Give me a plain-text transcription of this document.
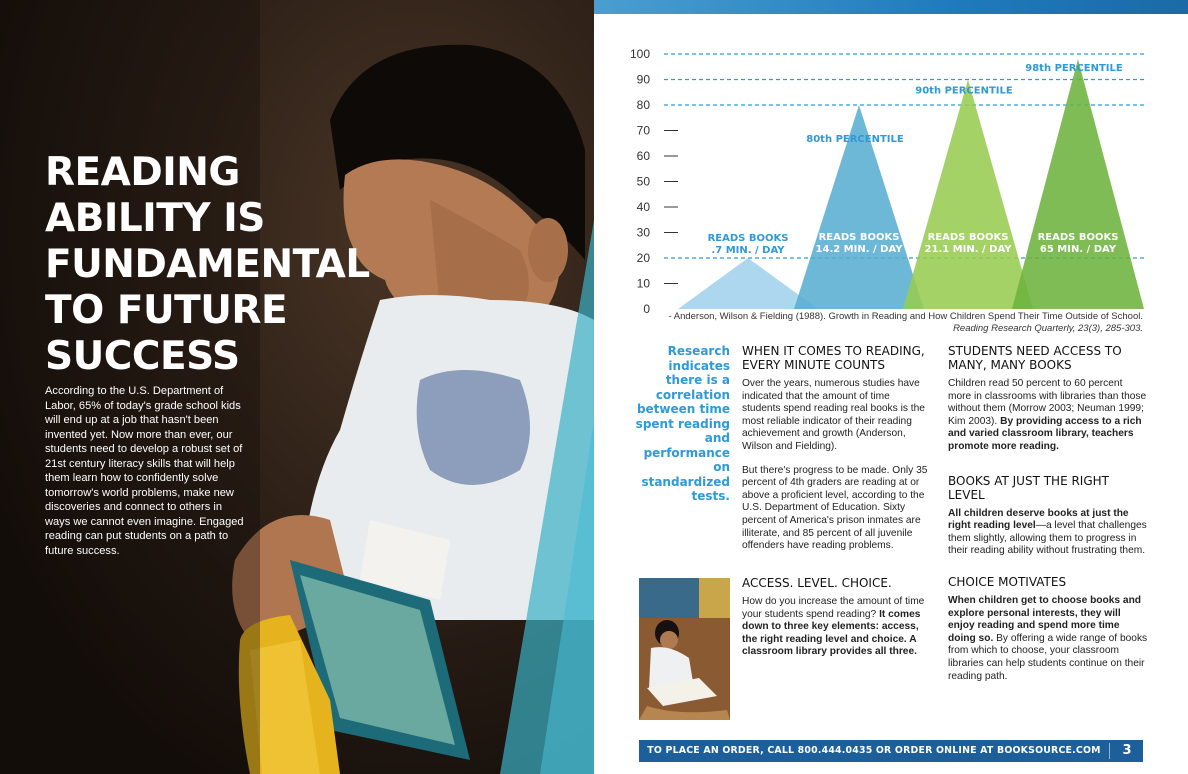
READING
ABILITY IS
FUNDAMENTAL
TO FUTURE
SUCCESS

According to the U.S. Department of Labor, 65% of today's grade school kids will end up at a job that hasn't been invented yet. Now more than ever, our students need to develop a robust set of 21st century literacy skills that will help them learn how to confidently solve tomorrow's world problems, make new discoveries and connect to others in ways we cannot even imagine. Engaged reading can put students on a path to future success.

100
90
80
70
60
50
40
30
20
10
0
READS BOOKS
.7 MIN. / DAY
READS BOOKS
14.2 MIN. / DAY
80th PERCENTILE
READS BOOKS
21.1 MIN. / DAY
90th PERCENTILE
READS BOOKS
65 MIN. / DAY
98th PERCENTILE
- Anderson, Wilson & Fielding (1988). Growth in Reading and How Children Spend Their Time Outside of School.
Reading Research Quarterly, 23(3), 285-303.

Research indicates there is a correlation between time spent reading and performance on standardized tests.

WHEN IT COMES TO READING, EVERY MINUTE COUNTS

Over the years, numerous studies have indicated that the amount of time students spend reading real books is the most reliable indicator of their reading achievement and growth (Anderson, Wilson and Fielding).

But there's progress to be made. Only 35 percent of 4th graders are reading at or above a proficient level, according to the U.S. Department of Education. Sixty percent of America's prison inmates are illiterate, and 85 percent of all juvenile offenders have reading problems.

ACCESS. LEVEL. CHOICE.

How do you increase the amount of time your students spend reading? It comes down to three key elements: access, the right reading level and choice. A classroom library provides all three.

STUDENTS NEED ACCESS TO MANY, MANY BOOKS

Children read 50 percent to 60 percent more in classrooms with libraries than those without them (Morrow 2003; Neuman 1999; Kim 2003). By providing access to a rich and varied classroom library, teachers promote more reading.

BOOKS AT JUST THE RIGHT LEVEL

All children deserve books at just the right reading level—a level that challenges them slightly, allowing them to progress in their reading ability without frustrating them.

CHOICE MOTIVATES

When children get to choose books and explore personal interests, they will enjoy reading and spend more time doing so. By offering a wide range of books from which to choose, your classroom libraries can help students continue on their reading path.

TO PLACE AN ORDER, CALL 800.444.0435 OR ORDER ONLINE AT BOOKSOURCE.COM	3
